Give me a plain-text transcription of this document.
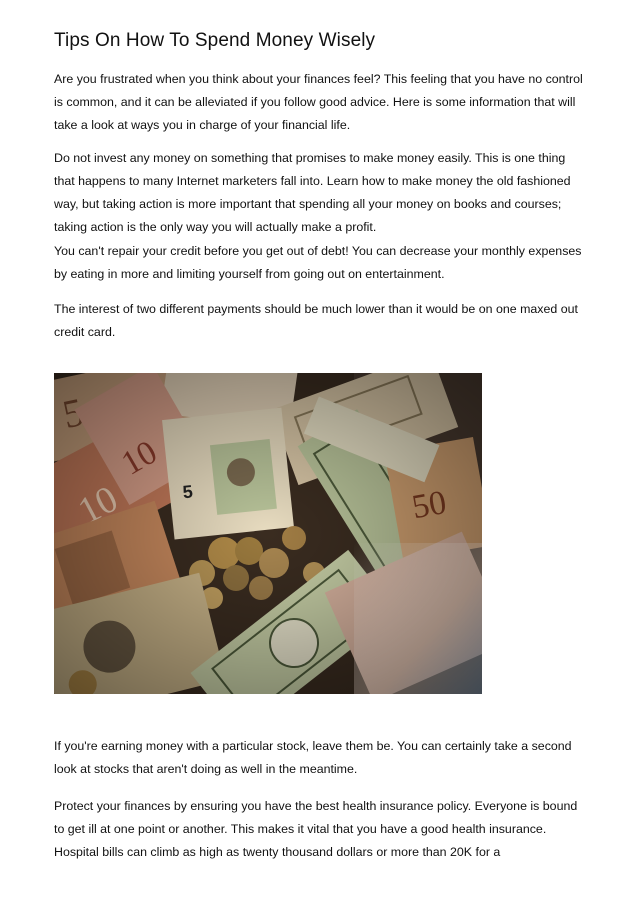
Tips On How To Spend Money Wisely

Are you frustrated when you think about your finances feel? This feeling that you have no control is common, and it can be alleviated if you follow good advice. Here is some information that will take a look at ways you in charge of your financial life.

Do not invest any money on something that promises to make money easily. This is one thing that happens to many Internet marketers fall into. Learn how to make money the old fashioned way, but taking action is more important that spending all your money on books and courses; taking action is the only way you will actually make a profit.

You can't repair your credit before you get out of debt! You can decrease your monthly expenses by eating in more and limiting yourself from going out on entertainment.

The interest of two different payments should be much lower than it would be on one maxed out credit card.

If you're earning money with a particular stock, leave them be. You can certainly take a second look at stocks that aren't doing as well in the meantime.

Protect your finances by ensuring you have the best health insurance policy. Everyone is bound to get ill at one point or another. This makes it vital that you have a good health insurance. Hospital bills can climb as high as twenty thousand dollars or more than 20K for a
